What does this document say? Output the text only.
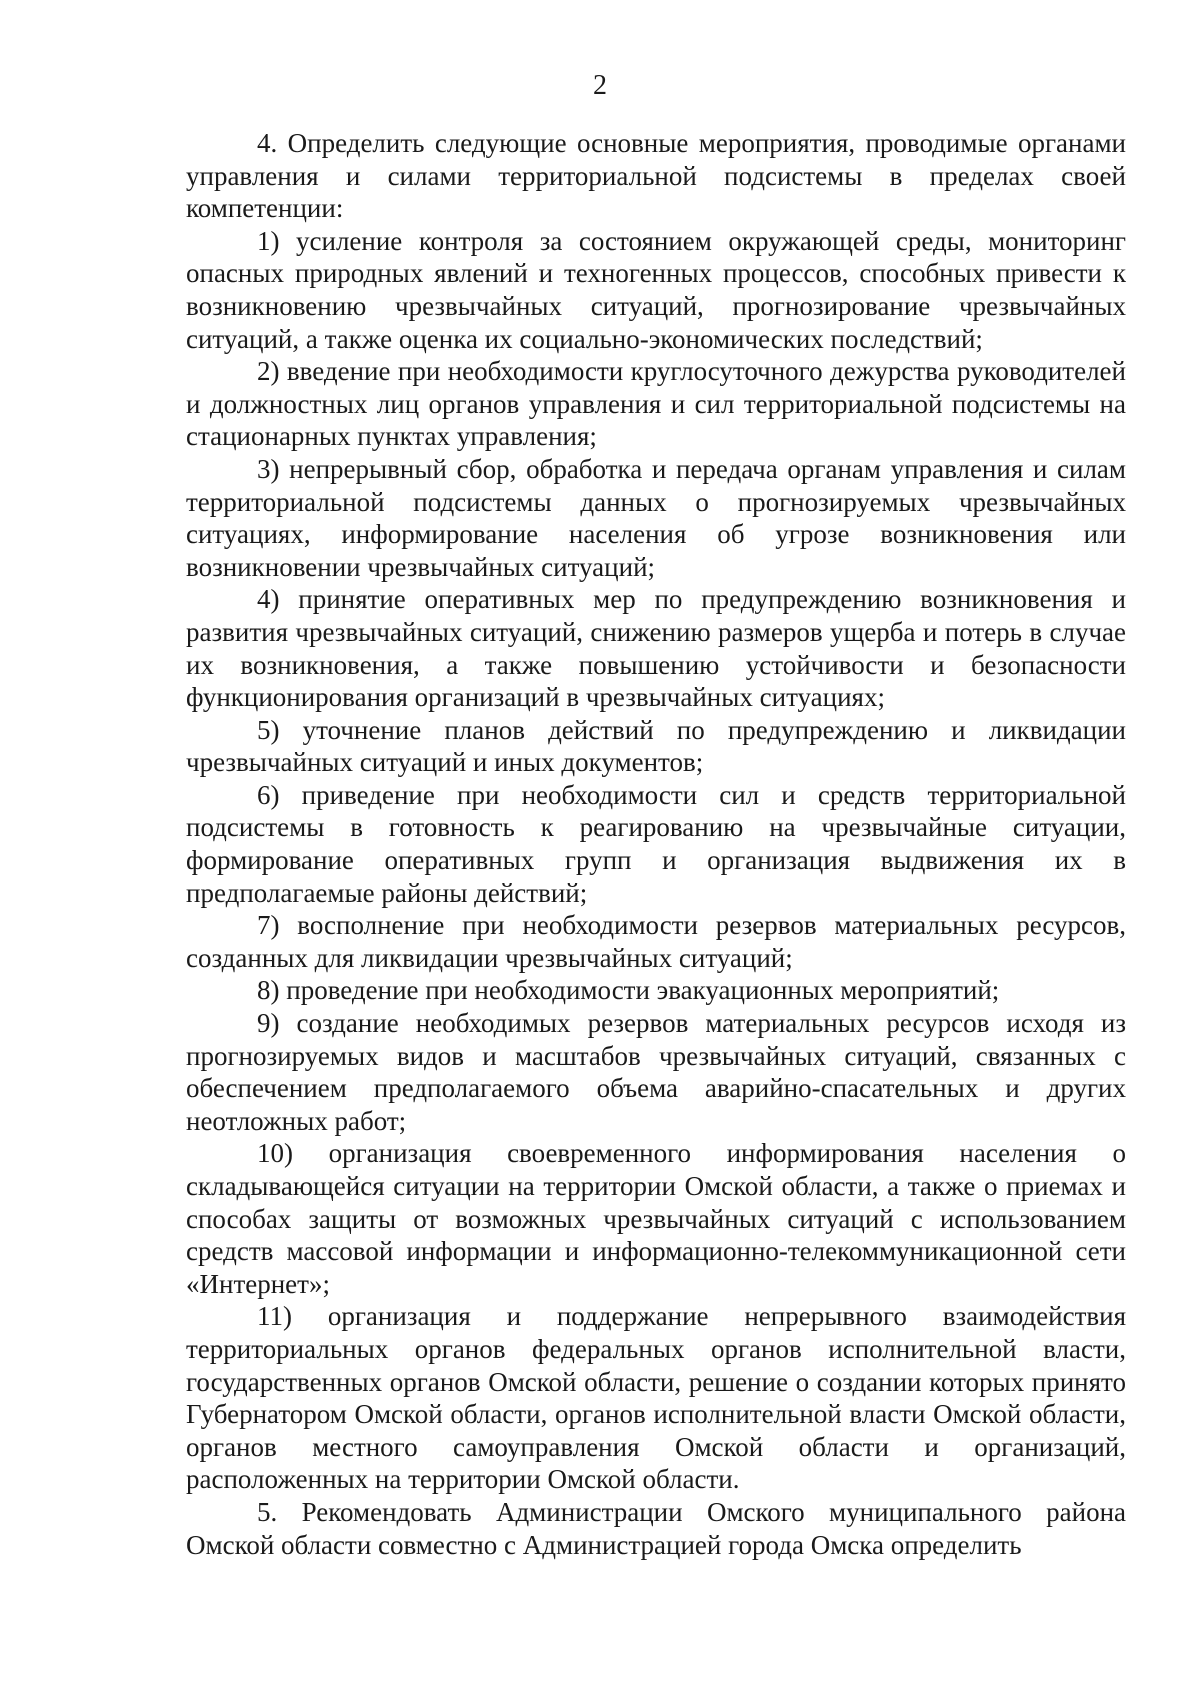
2

4. Определить следующие основные мероприятия, проводимые органами управления и силами территориальной подсистемы в пределах своей компетенции:

1) усиление контроля за состоянием окружающей среды, мониторинг опасных природных явлений и техногенных процессов, способных привести к возникновению чрезвычайных ситуаций, прогнозирование чрезвычайных ситуаций, а также оценка их социально-экономических последствий;

2) введение при необходимости круглосуточного дежурства руководителей и должностных лиц органов управления и сил территориальной подсистемы на стационарных пунктах управления;

3) непрерывный сбор, обработка и передача органам управления и силам территориальной подсистемы данных о прогнозируемых чрезвычайных ситуациях, информирование населения об угрозе возникновения или возникновении чрезвычайных ситуаций;

4) принятие оперативных мер по предупреждению возникновения и развития чрезвычайных ситуаций, снижению размеров ущерба и потерь в случае их возникновения, а также повышению устойчивости и безопасности функционирования организаций в чрезвычайных ситуациях;

5) уточнение планов действий по предупреждению и ликвидации чрезвычайных ситуаций и иных документов;

6) приведение при необходимости сил и средств территориальной подсистемы в готовность к реагированию на чрезвычайные ситуации, формирование оперативных групп и организация выдвижения их в предполагаемые районы действий;

7) восполнение при необходимости резервов материальных ресурсов, созданных для ликвидации чрезвычайных ситуаций;

8) проведение при необходимости эвакуационных мероприятий;

9) создание необходимых резервов материальных ресурсов исходя из прогнозируемых видов и масштабов чрезвычайных ситуаций, связанных с обеспечением предполагаемого объема аварийно-спасательных и других неотложных работ;

10) организация своевременного информирования населения о складывающейся ситуации на территории Омской области, а также о приемах и способах защиты от возможных чрезвычайных ситуаций с использованием средств массовой информации и информационно-телекоммуникационной сети «Интернет»;

11) организация и поддержание непрерывного взаимодействия территориальных органов федеральных органов исполнительной власти, государственных органов Омской области, решение о создании которых принято Губернатором Омской области, органов исполнительной власти Омской области, органов местного самоуправления Омской области и организаций, расположенных на территории Омской области.

5. Рекомендовать Администрации Омского муниципального района Омской области совместно с Администрацией города Омска определить
